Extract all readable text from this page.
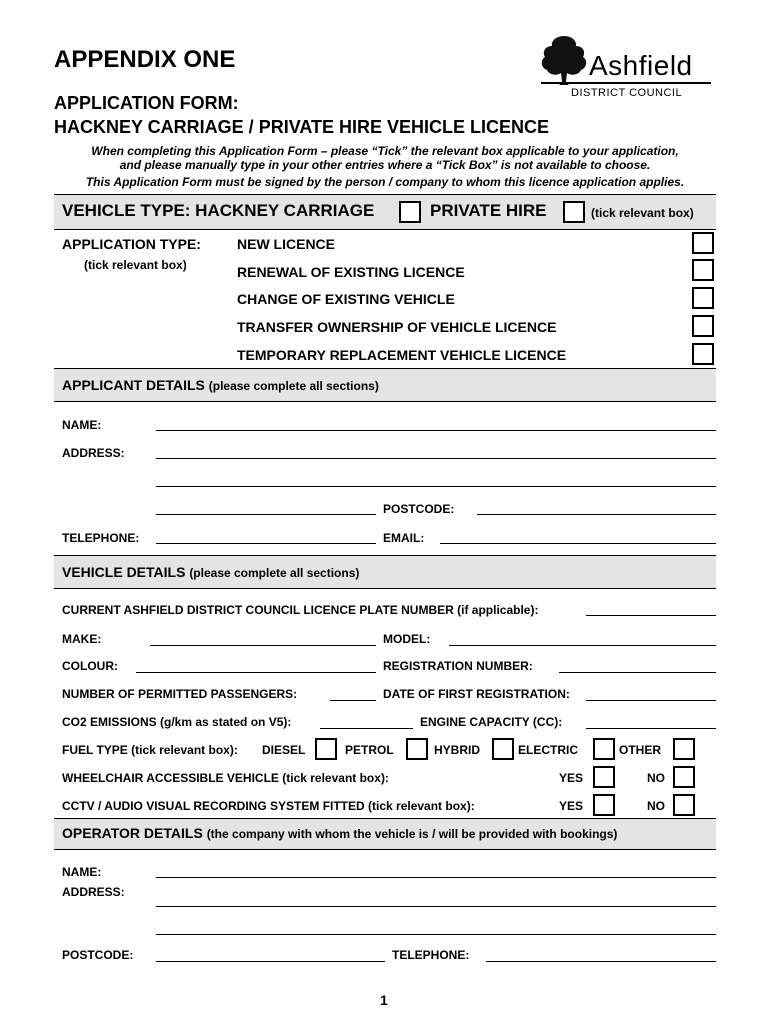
APPENDIX ONE
APPLICATION FORM:
HACKNEY CARRIAGE / PRIVATE HIRE VEHICLE LICENCE
Ashfield
DISTRICT COUNCIL
When completing this Application Form – please “Tick” the relevant box applicable to your application,
and please manually type in your other entries where a “Tick Box” is not available to choose.
This Application Form must be signed by the person / company to whom this licence application applies.
VEHICLE TYPE: HACKNEY CARRIAGE	PRIVATE HIRE	(tick relevant box)
APPLICATION TYPE:
(tick relevant box)
NEW LICENCE
RENEWAL OF EXISTING LICENCE
CHANGE OF EXISTING VEHICLE
TRANSFER OWNERSHIP OF VEHICLE LICENCE
TEMPORARY REPLACEMENT VEHICLE LICENCE
APPLICANT DETAILS (please complete all sections)
NAME:
ADDRESS:
POSTCODE:
TELEPHONE:	EMAIL:
VEHICLE DETAILS (please complete all sections)
CURRENT ASHFIELD DISTRICT COUNCIL LICENCE PLATE NUMBER (if applicable):
MAKE:	MODEL:
COLOUR:	REGISTRATION NUMBER:
NUMBER OF PERMITTED PASSENGERS:	DATE OF FIRST REGISTRATION:
CO2 EMISSIONS (g/km as stated on V5):	ENGINE CAPACITY (CC):
FUEL TYPE (tick relevant box): DIESEL	PETROL	HYBRID	ELECTRIC	OTHER
WHEELCHAIR ACCESSIBLE VEHICLE (tick relevant box):	YES	NO
CCTV / AUDIO VISUAL RECORDING SYSTEM FITTED (tick relevant box):	YES	NO
OPERATOR DETAILS (the company with whom the vehicle is / will be provided with bookings)
NAME:
ADDRESS:
POSTCODE:	TELEPHONE:
1
